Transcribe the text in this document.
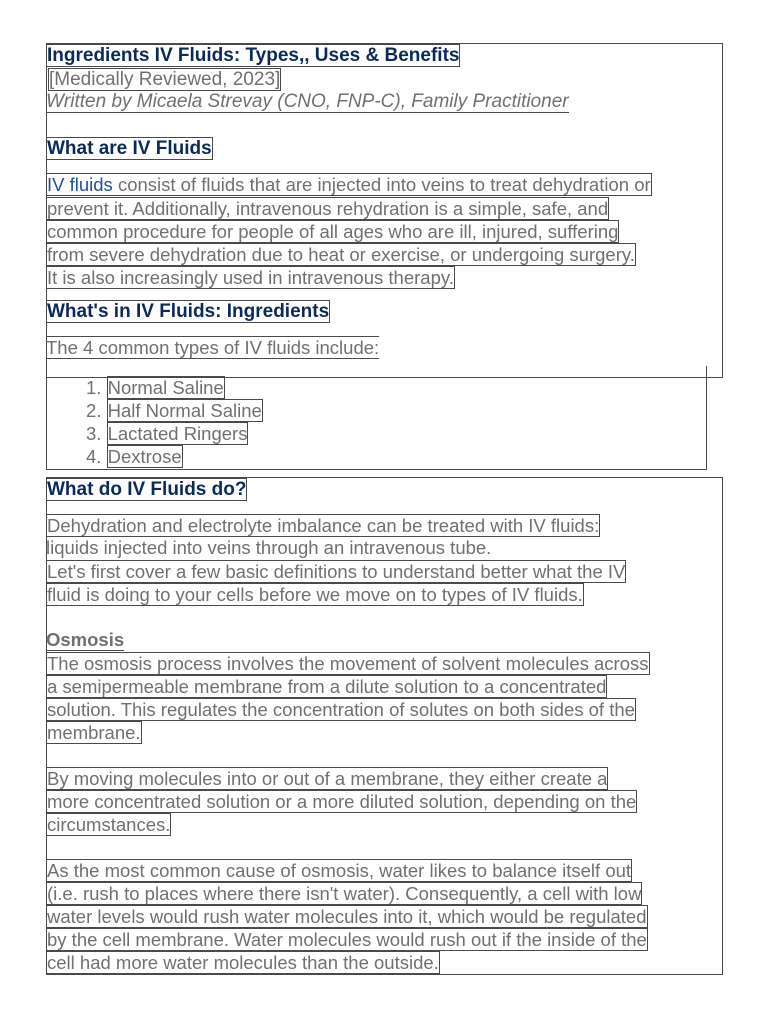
Ingredients IV Fluids: Types,, Uses & Benefits
[Medically Reviewed, 2023]
Written by Micaela Strevay (CNO, FNP-C), Family Practitioner
What are IV Fluids
IV fluids consist of fluids that are injected into veins to treat dehydration or
prevent it. Additionally, intravenous rehydration is a simple, safe, and
common procedure for people of all ages who are ill, injured, suffering
from severe dehydration due to heat or exercise, or undergoing surgery.
It is also increasingly used in intravenous therapy.
What's in IV Fluids: Ingredients
The 4 common types of IV fluids include:
1. Normal Saline
2. Half Normal Saline
3. Lactated Ringers
4. Dextrose
What do IV Fluids do?
Dehydration and electrolyte imbalance can be treated with IV fluids:
liquids injected into veins through an intravenous tube.
Let's first cover a few basic definitions to understand better what the IV
fluid is doing to your cells before we move on to types of IV fluids.
Osmosis
The osmosis process involves the movement of solvent molecules across
a semipermeable membrane from a dilute solution to a concentrated
solution. This regulates the concentration of solutes on both sides of the
membrane.
By moving molecules into or out of a membrane, they either create a
more concentrated solution or a more diluted solution, depending on the
circumstances.
As the most common cause of osmosis, water likes to balance itself out
(i.e. rush to places where there isn't water). Consequently, a cell with low
water levels would rush water molecules into it, which would be regulated
by the cell membrane. Water molecules would rush out if the inside of the
cell had more water molecules than the outside.
